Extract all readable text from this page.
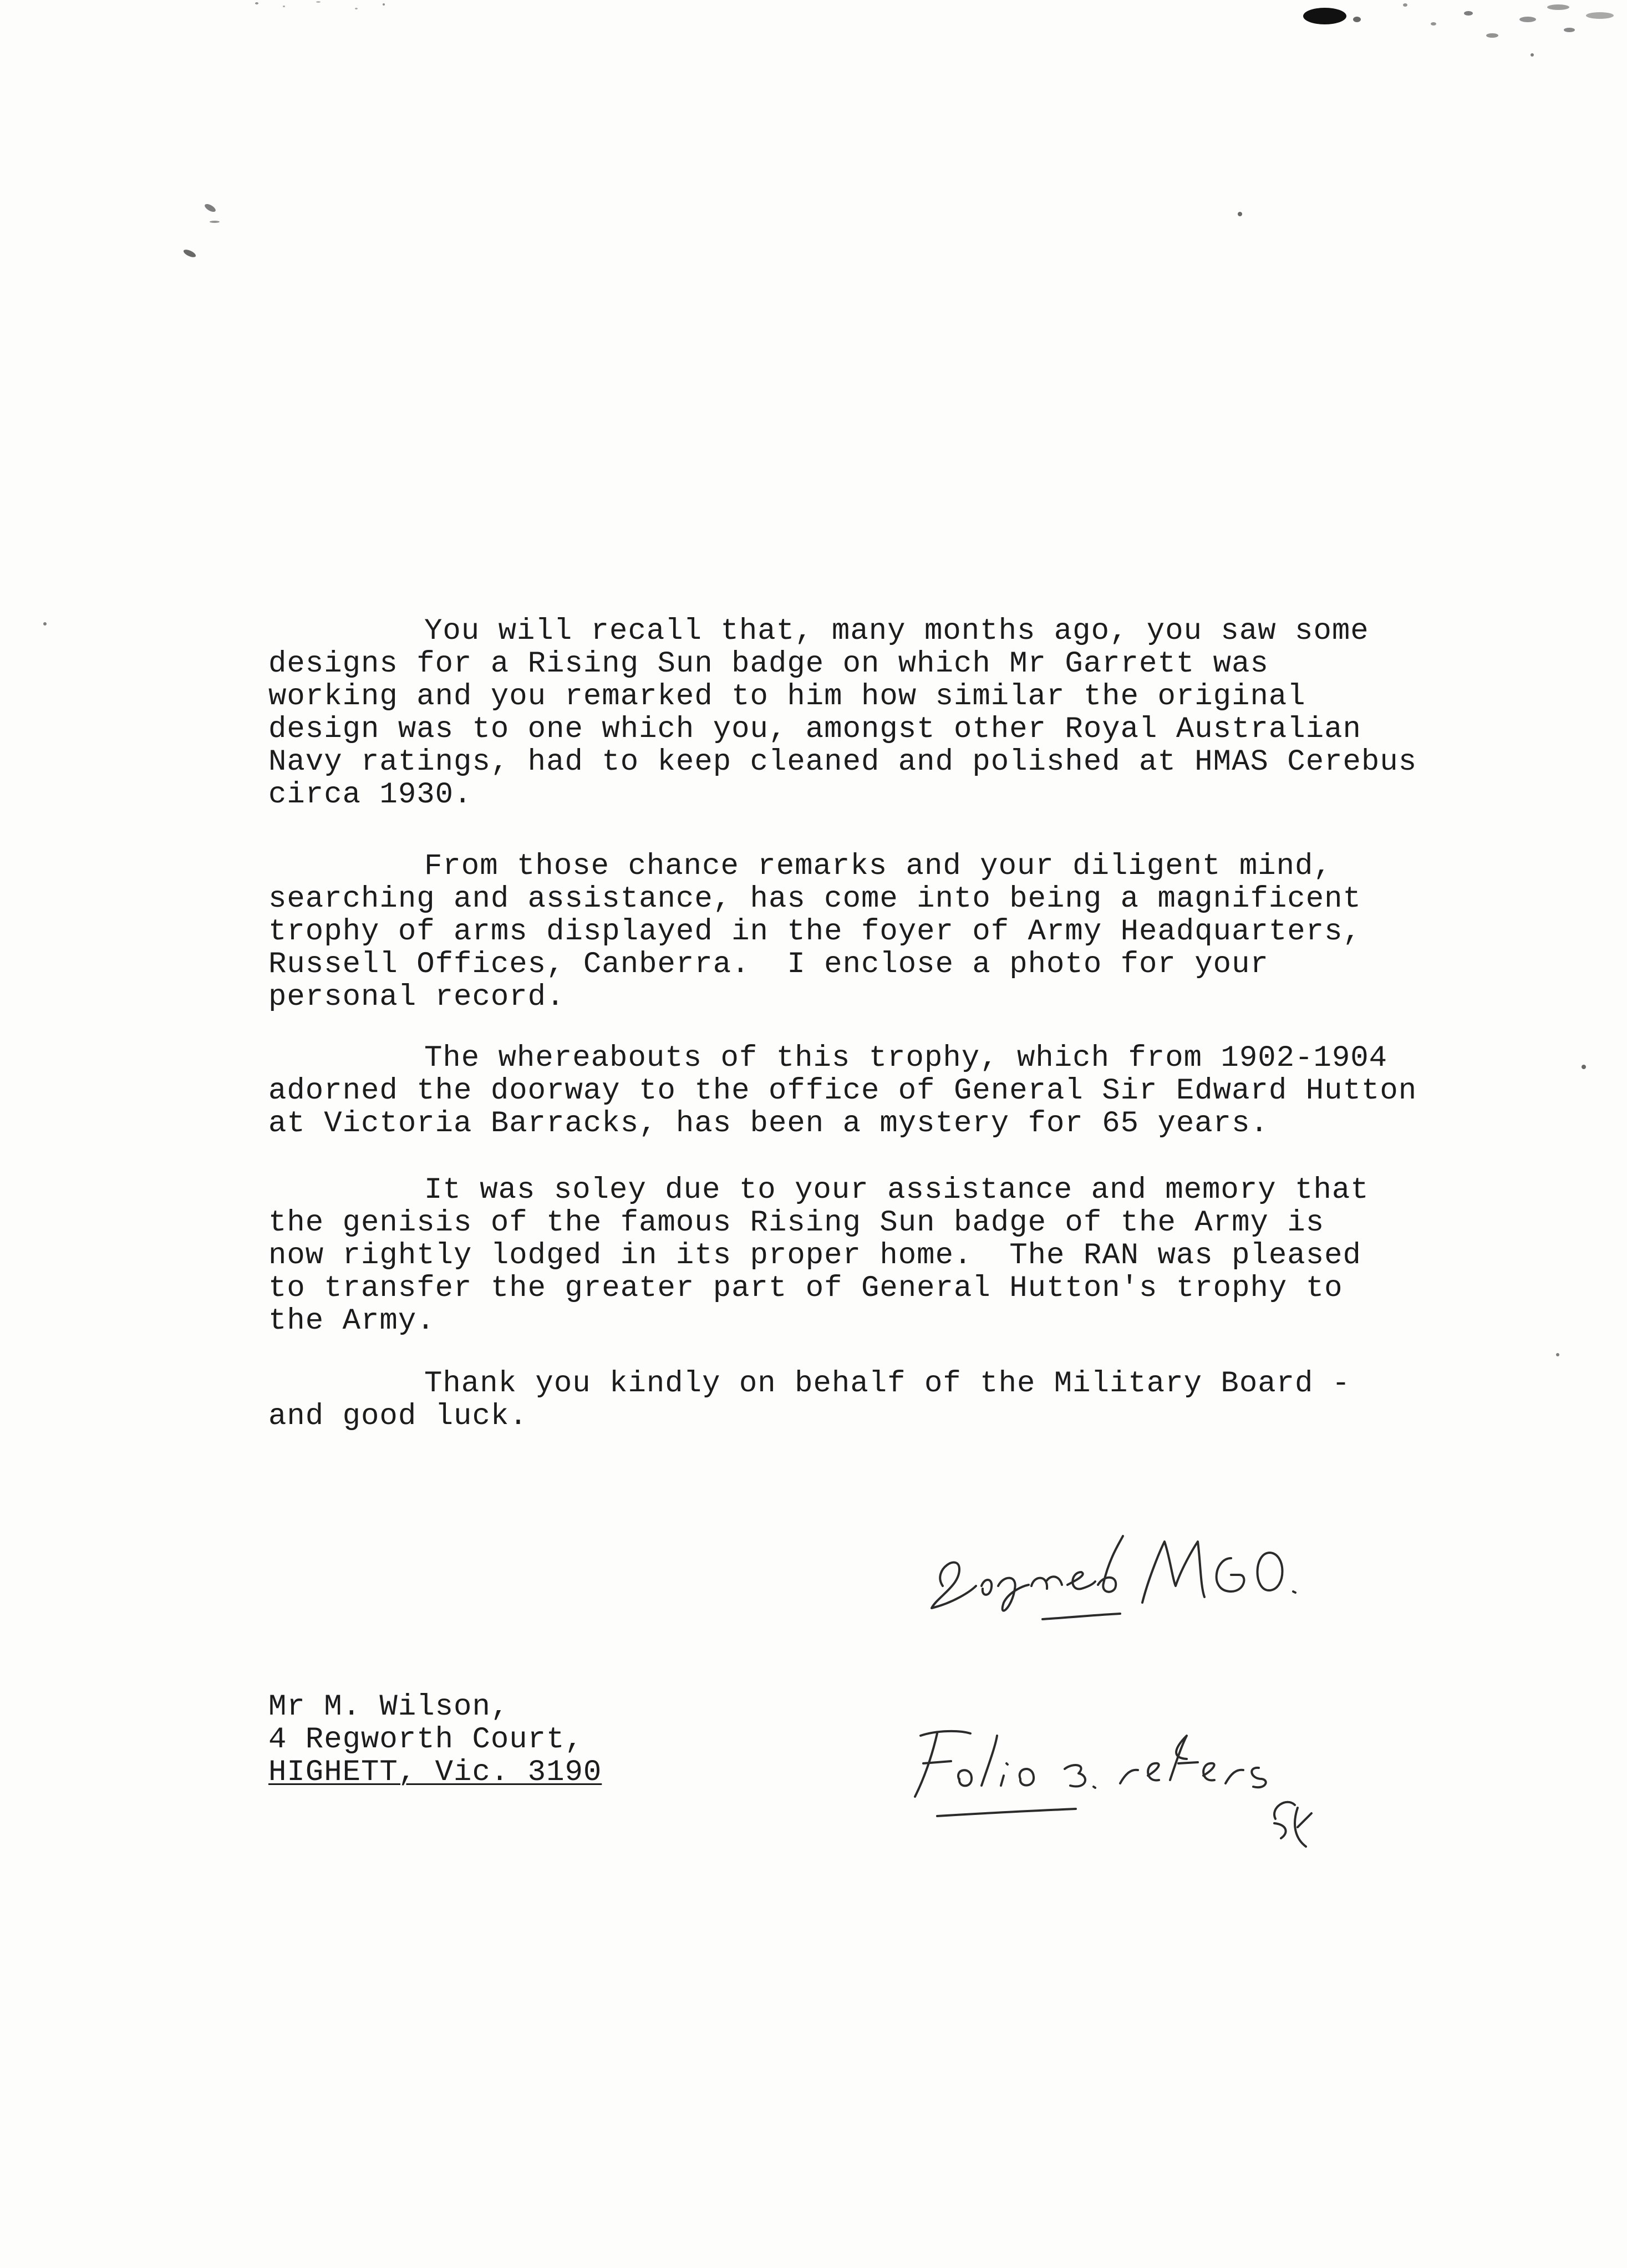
You will recall that, many months ago, you saw some
designs for a Rising Sun badge on which Mr Garrett was
working and you remarked to him how similar the original
design was to one which you, amongst other Royal Australian
Navy ratings, had to keep cleaned and polished at HMAS Cerebus
circa 1930.
From those chance remarks and your diligent mind,
searching and assistance, has come into being a magnificent
trophy of arms displayed in the foyer of Army Headquarters,
Russell Offices, Canberra.  I enclose a photo for your
personal record.
The whereabouts of this trophy, which from 1902-1904
adorned the doorway to the office of General Sir Edward Hutton
at Victoria Barracks, has been a mystery for 65 years.
It was soley due to your assistance and memory that
the genisis of the famous Rising Sun badge of the Army is
now rightly lodged in its proper home.  The RAN was pleased
to transfer the greater part of General Hutton's trophy to
the Army.
Thank you kindly on behalf of the Military Board -
and good luck.
Signed MGO.
Mr M. Wilson,
4 Regworth Court,
HIGHETT, Vic. 3190
